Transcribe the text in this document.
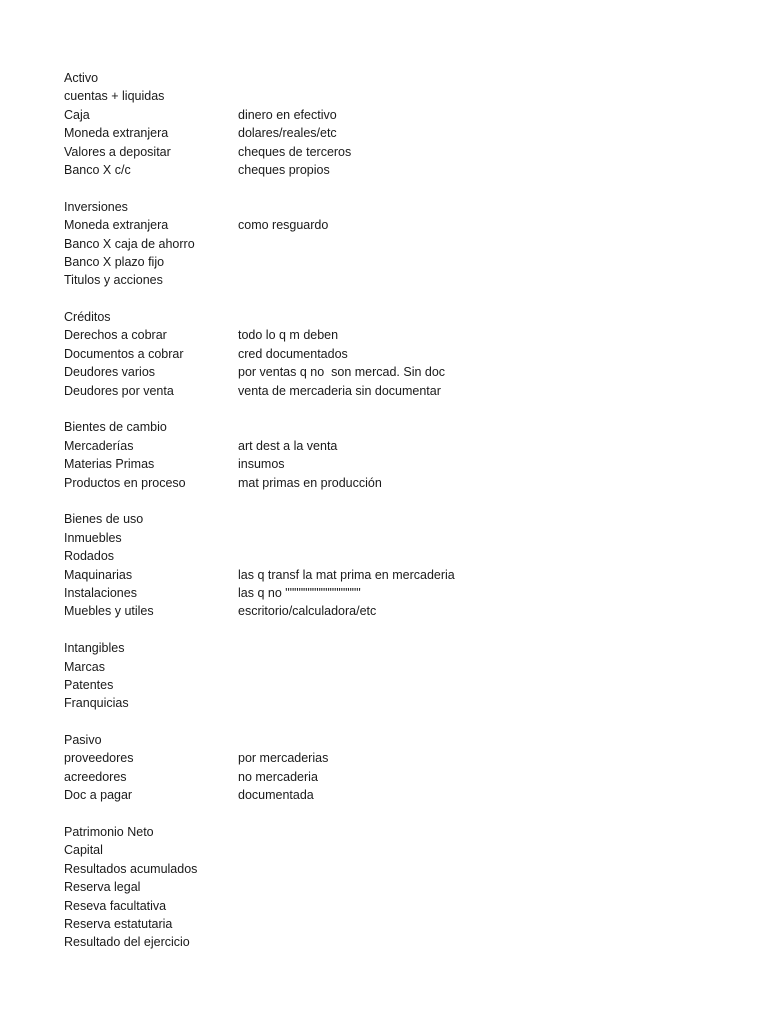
Activo
cuentas + liquidas
Caja	dinero en efectivo
Moneda extranjera	dolares/reales/etc
Valores a depositar	cheques de terceros
Banco X c/c	cheques propios
Inversiones
Moneda extranjera	como resguardo
Banco X caja de ahorro
Banco X plazo fijo
Titulos y acciones
Créditos
Derechos a cobrar	todo lo q m deben
Documentos a cobrar	cred documentados
Deudores varios	por ventas q no  son mercad. Sin doc
Deudores por venta	venta de mercaderia sin documentar
Bientes de cambio
Mercaderías	art dest a la venta
Materias Primas	insumos
Productos en proceso	mat primas en producción
Bienes de uso
Inmuebles
Rodados
Maquinarias	las q transf la mat prima en mercaderia
Instalaciones	las q no """""""""""""""""
Muebles y utiles	escritorio/calculadora/etc
Intangibles
Marcas
Patentes
Franquicias
Pasivo
proveedores	por mercaderias
acreedores	no mercaderia
Doc a pagar	documentada
Patrimonio Neto
Capital
Resultados acumulados
Reserva legal
Reseva facultativa
Reserva estatutaria
Resultado del ejercicio
